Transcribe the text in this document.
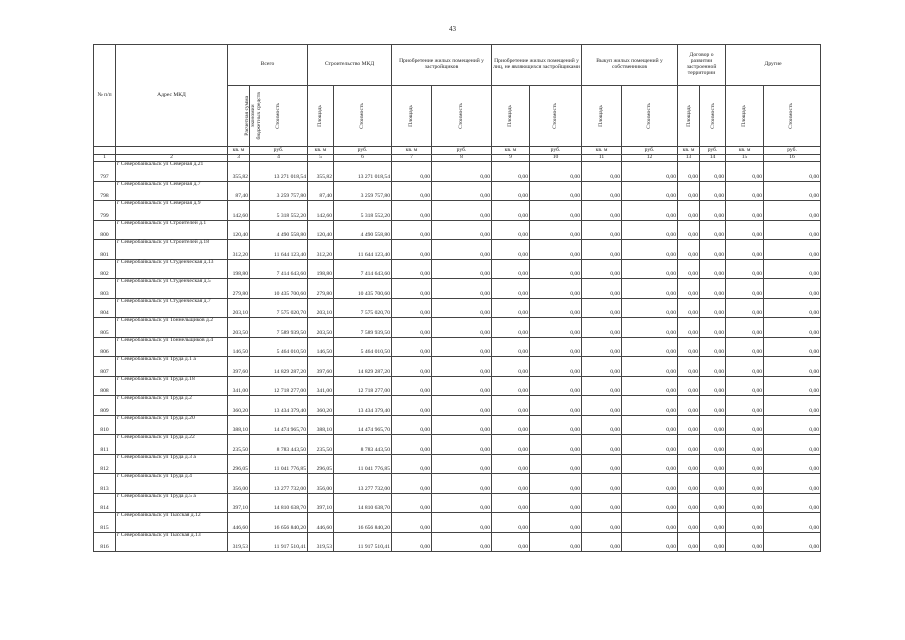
43
№ п/п	Адрес МКД	Всего		Строительство МКД		Приобретение жилых помещений у застройщиков		Приобретение жилых помещений у лиц, не являющихся застройщиками		Выкуп жилых помещений у собственников		Договор о развитии застроенной территории		Другие	
		Расчетная сумма экономии бюджетных средств	Стоимость	Площадь	Стоимость	Площадь	Стоимость	Площадь	Стоимость	Площадь	Стоимость	Площадь	Стоимость	Площадь	Стоимость
		кв. м	руб.	кв. м	руб.	кв. м	руб.	кв. м	руб.	кв. м	руб.	кв. м	руб.	кв. м	руб.
1	2	3	4	5	6	7	8	9	10	11	12	13	14	15	16
797	г Северобайкальск ул Северная д.21	355,82	13 271 018,54	355,82	13 271 018,54	0,00	0,00	0,00	0,00	0,00	0,00	0,00	0,00	0,00	0,00
798	г Северобайкальск ул Северная д.7	87,40	3 259 757,80	87,40	3 259 757,80	0,00	0,00	0,00	0,00	0,00	0,00	0,00	0,00	0,00	0,00
799	г Северобайкальск ул Северная д.9	142,60	5 318 552,20	142,60	5 318 552,20	0,00	0,00	0,00	0,00	0,00	0,00	0,00	0,00	0,00	0,00
800	г Северобайкальск ул Строителей д.1	120,40	4 490 558,80	120,40	4 490 558,80	0,00	0,00	0,00	0,00	0,00	0,00	0,00	0,00	0,00	0,00
801	г Северобайкальск ул Строителей д.18	312,20	11 644 123,40	312,20	11 644 123,40	0,00	0,00	0,00	0,00	0,00	0,00	0,00	0,00	0,00	0,00
802	г Северобайкальск ул Студенческая д.13	198,80	7 414 643,60	198,80	7 414 643,60	0,00	0,00	0,00	0,00	0,00	0,00	0,00	0,00	0,00	0,00
803	г Северобайкальск ул Студенческая д.5	279,80	10 435 700,60	279,80	10 435 700,60	0,00	0,00	0,00	0,00	0,00	0,00	0,00	0,00	0,00	0,00
804	г Северобайкальск ул Студенческая д.7	203,10	7 575 020,70	203,10	7 575 020,70	0,00	0,00	0,00	0,00	0,00	0,00	0,00	0,00	0,00	0,00
805	г Северобайкальск ул Тоннельщиков д.2	203,50	7 589 939,50	203,50	7 589 939,50	0,00	0,00	0,00	0,00	0,00	0,00	0,00	0,00	0,00	0,00
806	г Северобайкальск ул Тоннельщиков д.4	146,50	5 464 010,50	146,50	5 464 010,50	0,00	0,00	0,00	0,00	0,00	0,00	0,00	0,00	0,00	0,00
807	г Северобайкальск ул Труда д.1 а	397,60	14 829 287,20	397,60	14 829 287,20	0,00	0,00	0,00	0,00	0,00	0,00	0,00	0,00	0,00	0,00
808	г Северобайкальск ул Труда д.18	341,00	12 718 277,00	341,00	12 718 277,00	0,00	0,00	0,00	0,00	0,00	0,00	0,00	0,00	0,00	0,00
809	г Северобайкальск ул Труда д.2	360,20	13 434 379,40	360,20	13 434 379,40	0,00	0,00	0,00	0,00	0,00	0,00	0,00	0,00	0,00	0,00
810	г Северобайкальск ул Труда д.20	388,10	14 474 965,70	388,10	14 474 965,70	0,00	0,00	0,00	0,00	0,00	0,00	0,00	0,00	0,00	0,00
811	г Северобайкальск ул Труда д.22	235,50	8 783 443,50	235,50	8 783 443,50	0,00	0,00	0,00	0,00	0,00	0,00	0,00	0,00	0,00	0,00
812	г Северобайкальск ул Труда д.3 а	296,05	11 041 776,85	296,05	11 041 776,85	0,00	0,00	0,00	0,00	0,00	0,00	0,00	0,00	0,00	0,00
813	г Северобайкальск ул Труда д.4	356,00	13 277 732,00	356,00	13 277 732,00	0,00	0,00	0,00	0,00	0,00	0,00	0,00	0,00	0,00	0,00
814	г Северобайкальск ул Труда д.5 а	397,10	14 810 638,70	397,10	14 810 638,70	0,00	0,00	0,00	0,00	0,00	0,00	0,00	0,00	0,00	0,00
815	г Северобайкальск ул Тысская д.12	446,60	16 656 840,20	446,60	16 656 840,20	0,00	0,00	0,00	0,00	0,00	0,00	0,00	0,00	0,00	0,00
816	г Северобайкальск ул Тысская д.13	319,53	11 917 510,41	319,53	11 917 510,41	0,00	0,00	0,00	0,00	0,00	0,00	0,00	0,00	0,00	0,00
